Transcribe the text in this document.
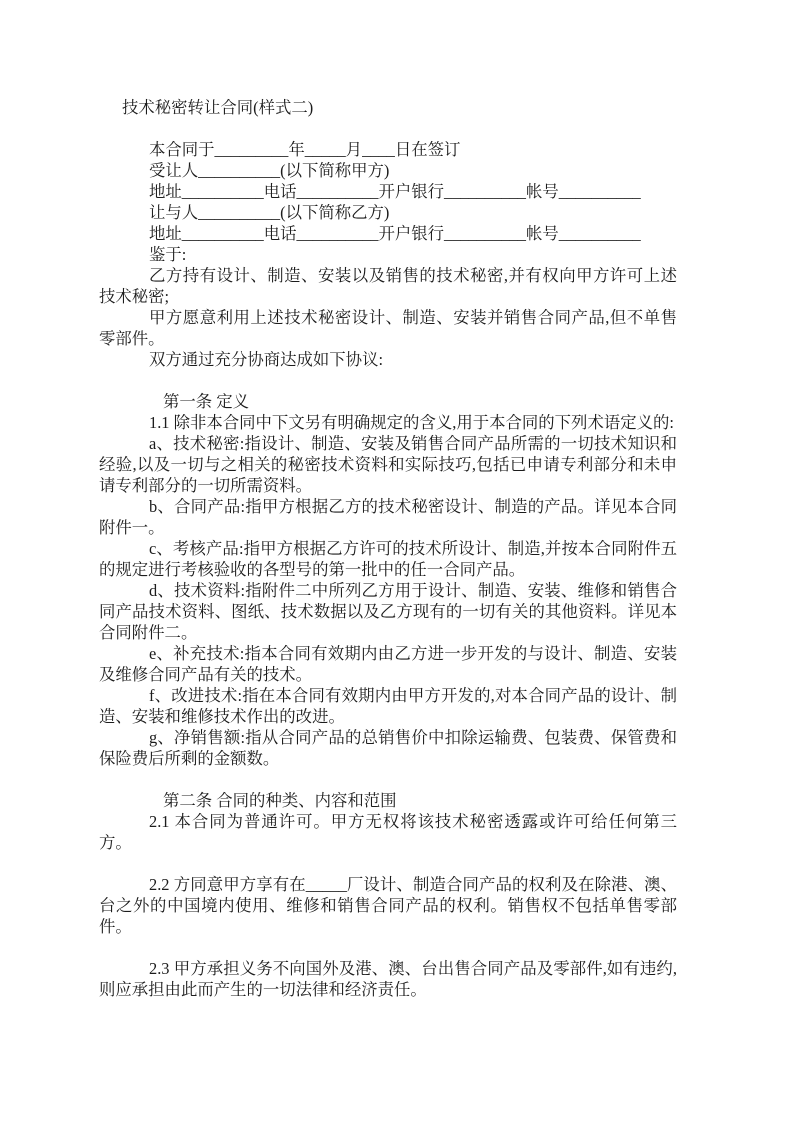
技术秘密转让合同(样式二)

本合同于_________年_____月____日在签订

受让人__________(以下简称甲方)

地址__________电话__________开户银行__________帐号__________

让与人__________(以下简称乙方)

地址__________电话__________开户银行__________帐号__________

鉴于:

乙方持有设计、制造、安装以及销售的技术秘密,并有权向甲方许可上述技术秘密;

甲方愿意利用上述技术秘密设计、制造、安装并销售合同产品,但不单售零部件。

双方通过充分协商达成如下协议:

第一条 定义

1.1 除非本合同中下文另有明确规定的含义,用于本合同的下列术语定义的:

a、技术秘密:指设计、制造、安装及销售合同产品所需的一切技术知识和经验,以及一切与之相关的秘密技术资料和实际技巧,包括已申请专利部分和未申请专利部分的一切所需资料。

b、合同产品:指甲方根据乙方的技术秘密设计、制造的产品。详见本合同附件一。

c、考核产品:指甲方根据乙方许可的技术所设计、制造,并按本合同附件五的规定进行考核验收的各型号的第一批中的任一合同产品。

d、技术资料:指附件二中所列乙方用于设计、制造、安装、维修和销售合同产品技术资料、图纸、技术数据以及乙方现有的一切有关的其他资料。详见本合同附件二。

e、补充技术:指本合同有效期内由乙方进一步开发的与设计、制造、安装及维修合同产品有关的技术。

f、改进技术:指在本合同有效期内由甲方开发的,对本合同产品的设计、制造、安装和维修技术作出的改进。

g、净销售额:指从合同产品的总销售价中扣除运输费、包装费、保管费和保险费后所剩的金额数。

第二条 合同的种类、内容和范围

2.1 本合同为普通许可。甲方无权将该技术秘密透露或许可给任何第三方。

2.2 方同意甲方享有在_____厂设计、制造合同产品的权利及在除港、澳、台之外的中国境内使用、维修和销售合同产品的权利。销售权不包括单售零部件。

2.3 甲方承担义务不向国外及港、澳、台出售合同产品及零部件,如有违约,则应承担由此而产生的一切法律和经济责任。
